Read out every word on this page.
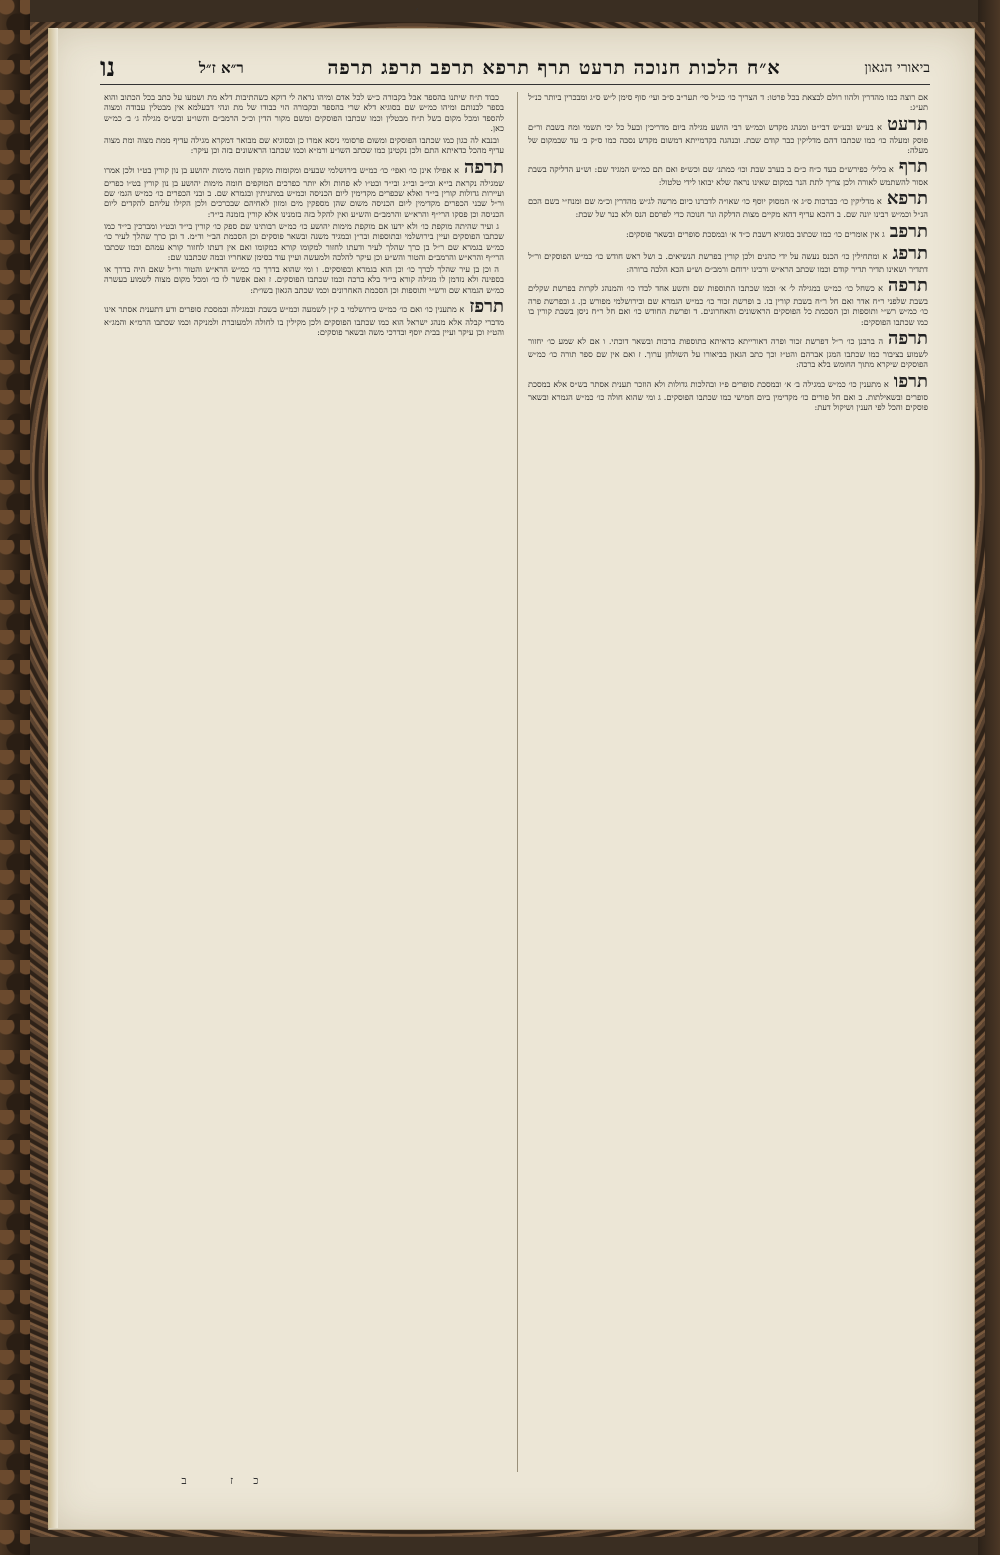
׳
נו	ר״א ז״ל	א״ח הלכות חנוכה תרעט תרף תרפא תרפב תרפג תרפה	ביאורי הגאון

אם רוצה כמו מהדרין ולהוו רולם לבצאת בכל פרטו: ד הצריך כו׳ כנ״ל סי׳ תער״ב ס״ב ועי׳ סוף סימן ל״ש ס״ג ומבכרין ביותר כנ״ל תע״ג:

תרעטא בע״ש ובע״ש דבי״ט ומנהג מקדש וכמ״ש רבי הושע מגילה ביום מדריכין ובעל כל יכי תשמי ומח בשבת ור״ם פוסק ומעלה כו׳ כמו שכתבו דהם מדליקין כבר קודם שבת. ובנהגה בקדמייתא דמשום מקדש נסבה כמו ס״ק ב׳ עד שבמקום של מעלה:

תרףא בליל׳ כפירש״ם בעד כ״ח כ״ם ב בערב שבת וכו׳ כמתנ׳ שם וכש״פ ואם תם כמ״ש המגיד שם: וש״ע הדליקה בשבת אסור להשתמש לאורה ולכן צריך לתת הנר במקום שאינו נראה שלא יבואו לידי טלטול:

תרפאא מדליקין כו׳ כברכות ס״ג א׳ המסוק יוסף כו׳ שאו״ה לדברנו כיום מרשה לג״ש מהדרין וכ״מ שם ומנח״י בשם הכם הנ״ל וכמ״ש רבינו יונה שם. ב דהכא עדיף דהא מקיים מצות הדלקה ונר חנוכה כדי לפרסם הנס ולא כנר של שבת:

תרפבג אין אומרים כו׳ כמו שכתוב בסוגיא דשבת כ״ד א׳ ובמסכת סופרים ובשאר פוסקים:

תרפגא ומתחילין כו׳ הכנס נעשה על ידי כהנים ולכן קורין בפרשת הנשיאים. ב ושל ראש חודש כו׳ כמ״ש הפוסקים ור״ל דתדיר ושאינו תדיר תדיר קודם וכמו שכתב הרא״ש ורבינו ירוחם ורמב״ם וש״ע הכא הלכה ברורה:

תרפהא כשחל כו׳ כמ״ש במגילה ל׳ א׳ וכמו שכתבו התוספות שם ותשע אחד לבדו כו׳ והמנהג לקרות בפרשת שקלים בשבת שלפני ר״ח אדר ואם חל ר״ח בשבת קורין בו. ב ופרשת זכור כו׳ כמ״ש הגמרא שם ובירושלמי מפורש כן. ג ובפרשת פרה כו׳ כמ״ש רש״י ותוספות וכן הסכמת כל הפוסקים הראשונים והאחרונים. ד ופרשת החודש כו׳ ואם חל ר״ח ניסן בשבת קורין בו כמו שכתבו הפוסקים:

תרפהה ברבנן כו׳ ר״ל דפרשת זכור ופרה דאורייתא כדאיתא בתוספות ברכות ובשאר דוכתי. ו אם לא שמע כו׳ יחזור לשמוע בציבור כמו שכתבו המגן אברהם והט״ז וכך כתב הגאון בביאורו על השולחן ערוך. ז ואם אין שם ספר תורה כו׳ כמ״ש הפוסקים שיקרא מתוך החומש בלא ברכה:

תרפוא מתענין כו׳ כמ״ש במגילה ב׳ א׳ ובמסכת סופרים פ״ז ובהלכות גדולות ולא הוזכר תענית אסתר בש״ס אלא במסכת סופרים ובשאילתות. ב ואם חל פורים כו׳ מקדימין ביום חמישי כמו שכתבו הפוסקים. ג ומי שהוא חולה כו׳ כמ״ש הגמרא ובשאר פוסקים והכל לפי הענין ושיקול דעת:

כבוד ת״ח שיתנו בהספד אבל בקבורה כ״ש לכל אדם ומיהו נראה לי דוקא כשהתיבות דלא מת ושמעו על כתב בכל הכתוב והוא בספר לכנותם ומיהו כמ״ש שם בסוגיא דלא שרי בהספד ובקבורה הוי כבודו של מת ונהי דבעלמא אין מבטלין עבודה ומצוה להספד ומכל מקום בשל ת״ח מבטלין וכמו שכתבו הפוסקים ומשם מקור הדין וכ״כ הרמב״ם והשו״ע ובש״ס מגילה ג׳ ב׳ כמ״ש כאן.

ובנבא לה כגון כמו שכתבו הפוסקים ומשום פרסומי ניסא אמרו כן ובסוגיא שם מבואר דמקרא מגילה עדיף ממת מצוה ומת מצוה עדיף מהכל כדאיתא התם ולכן נקטינן כמו שכתב השו״ע ורמ״א וכמו שכתבו הראשונים בזה וכן עיקר:

תרפהא אפילו אינן כו׳ ואפי׳ כו׳ כמ״ש בירושלמי שבעים ומקומות מוקפין חומה מימות יהושע בן נון קורין בט״ו ולכן אמרו שמגילה נקראת בי״א ובי״ב ובי״ג ובי״ד ובט״ו לא פחות ולא יותר כפרכים המוקפים חומה מימות יהושע בן נון קורין בט״ו כפרים ועיירות גדולות קורין בי״ד ואלא שכפרים מקדימין ליום הכניסה וכמ״ש במתניתין ובגמרא שם. ב ובני הכפרים כו׳ כמ״ש הגמ׳ שם ור״ל שבני הכפרים מקדימין ליום הכניסה משום שהן מספקין מים ומזון לאחיהם שבכרכים ולכן הקילו עליהם להקדים ליום הכניסה וכן פסקו הרי״ף והרא״ש והרמב״ם והש״ע ואין להקל בזה בזמנינו אלא קורין בזמנה בי״ד:

ג ועיר שהיתה מוקפת כו׳ ולא ידעו אם מוקפת מימות יהושע כו׳ כמ״ש רבותינו שם ספק כו׳ קורין בי״ד ובט״ו ומברכין בי״ד כמו שכתבו הפוסקים ועיין בירושלמי ובתוספות ובר״ן ובמגיד משנה ובשאר פוסקים וכן הסכמת הב״י וד״מ. ד ובן כרך שהלך לעיר כו׳ כמ״ש בגמרא שם ר״ל בן כרך שהלך לעיר ודעתו לחזור למקומו קורא כמקומו ואם אין דעתו לחזור קורא עמהם וכמו שכתבו הרי״ף והרא״ש והרמב״ם והטור והש״ע וכן עיקר להלכה ולמעשה ועיין עוד בסימן שאחריו ובמה שכתבנו שם:

ה וכן בן עיר שהלך לכרך כו׳ וכן הוא בגמרא ובפוסקים. ו ומי שהוא בדרך כו׳ כמ״ש הרא״ש והטור ור״ל שאם היה בדרך או בספינה ולא נזדמן לו מגילה קורא בי״ד בלא ברכה וכמו שכתבו הפוסקים. ז ואם אפשר לו כו׳ ומכל מקום מצוה לשמוע בעשרה כמ״ש הגמרא שם ורש״י ותוספות וכן הסכמת האחרונים וכמו שכתב הגאון בשו״ת:

תרפזא מתענין כו׳ ואם כו׳ כמ״ש בירושלמי ב ק״ן לשמעה וכמ״ש בשבת ובמגילה ובמסכת סופרים ודע דתענית אסתר אינו מדברי קבלה אלא מנהג ישראל הוא כמו שכתבו הפוסקים ולכן מקילין בו לחולה ולמעוברת ולמניקה וכמו שכתבו הרמ״א והמג״א והט״ז וכן עיקר ועיין בבית יוסף ובדרכי משה ובשאר פוסקים:

כז ב
